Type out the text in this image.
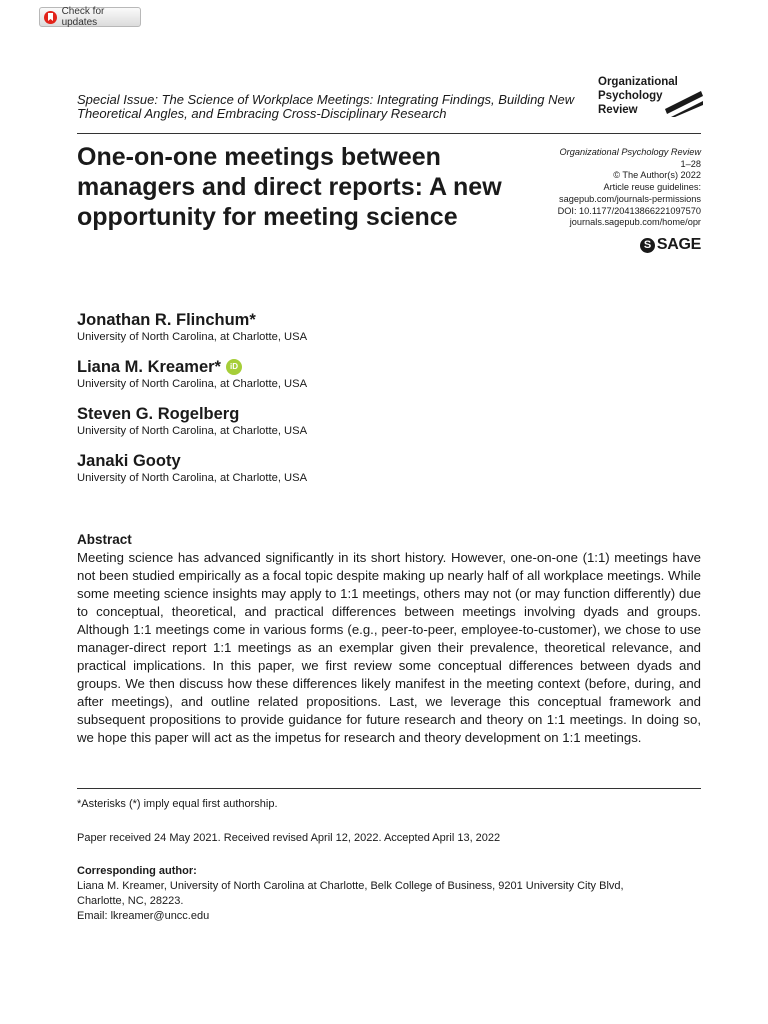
Check for updates
Special Issue: The Science of Workplace Meetings: Integrating Findings, Building New Theoretical Angles, and Embracing Cross-Disciplinary Research
Organizational
Psychology
Review
One-on-one meetings between managers and direct reports: A new opportunity for meeting science
Organizational Psychology Review
1–28
© The Author(s) 2022
Article reuse guidelines:
sagepub.com/journals-permissions
DOI: 10.1177/20413866221097570
journals.sagepub.com/home/opr
S SAGE
Jonathan R. Flinchum*
University of North Carolina, at Charlotte, USA
Liana M. Kreamer*	iD
University of North Carolina, at Charlotte, USA
Steven G. Rogelberg
University of North Carolina, at Charlotte, USA
Janaki Gooty
University of North Carolina, at Charlotte, USA
Abstract

Meeting science has advanced significantly in its short history. However, one-on-one (1:1) meetings have not been studied empirically as a focal topic despite making up nearly half of all workplace meetings. While some meeting science insights may apply to 1:1 meetings, others may not (or may function differently) due to conceptual, theoretical, and practical differences between meetings involving dyads and groups. Although 1:1 meetings come in various forms (e.g., peer-to-peer, employee-to-customer), we chose to use manager-direct report 1:1 meetings as an exemplar given their prevalence, theoretical relevance, and practical implications. In this paper, we first review some conceptual differences between dyads and groups. We then discuss how these differences likely manifest in the meeting context (before, during, and after meetings), and outline related propositions. Last, we leverage this conceptual framework and subsequent propositions to provide guidance for future research and theory on 1:1 meetings. In doing so, we hope this paper will act as the impetus for research and theory development on 1:1 meetings.

*Asterisks (*) imply equal first authorship.
Paper received 24 May 2021. Received revised April 12, 2022. Accepted April 13, 2022
Corresponding author:
Liana M. Kreamer, University of North Carolina at Charlotte, Belk College of Business, 9201 University City Blvd,
Charlotte, NC, 28223.
Email: lkreamer@uncc.edu
